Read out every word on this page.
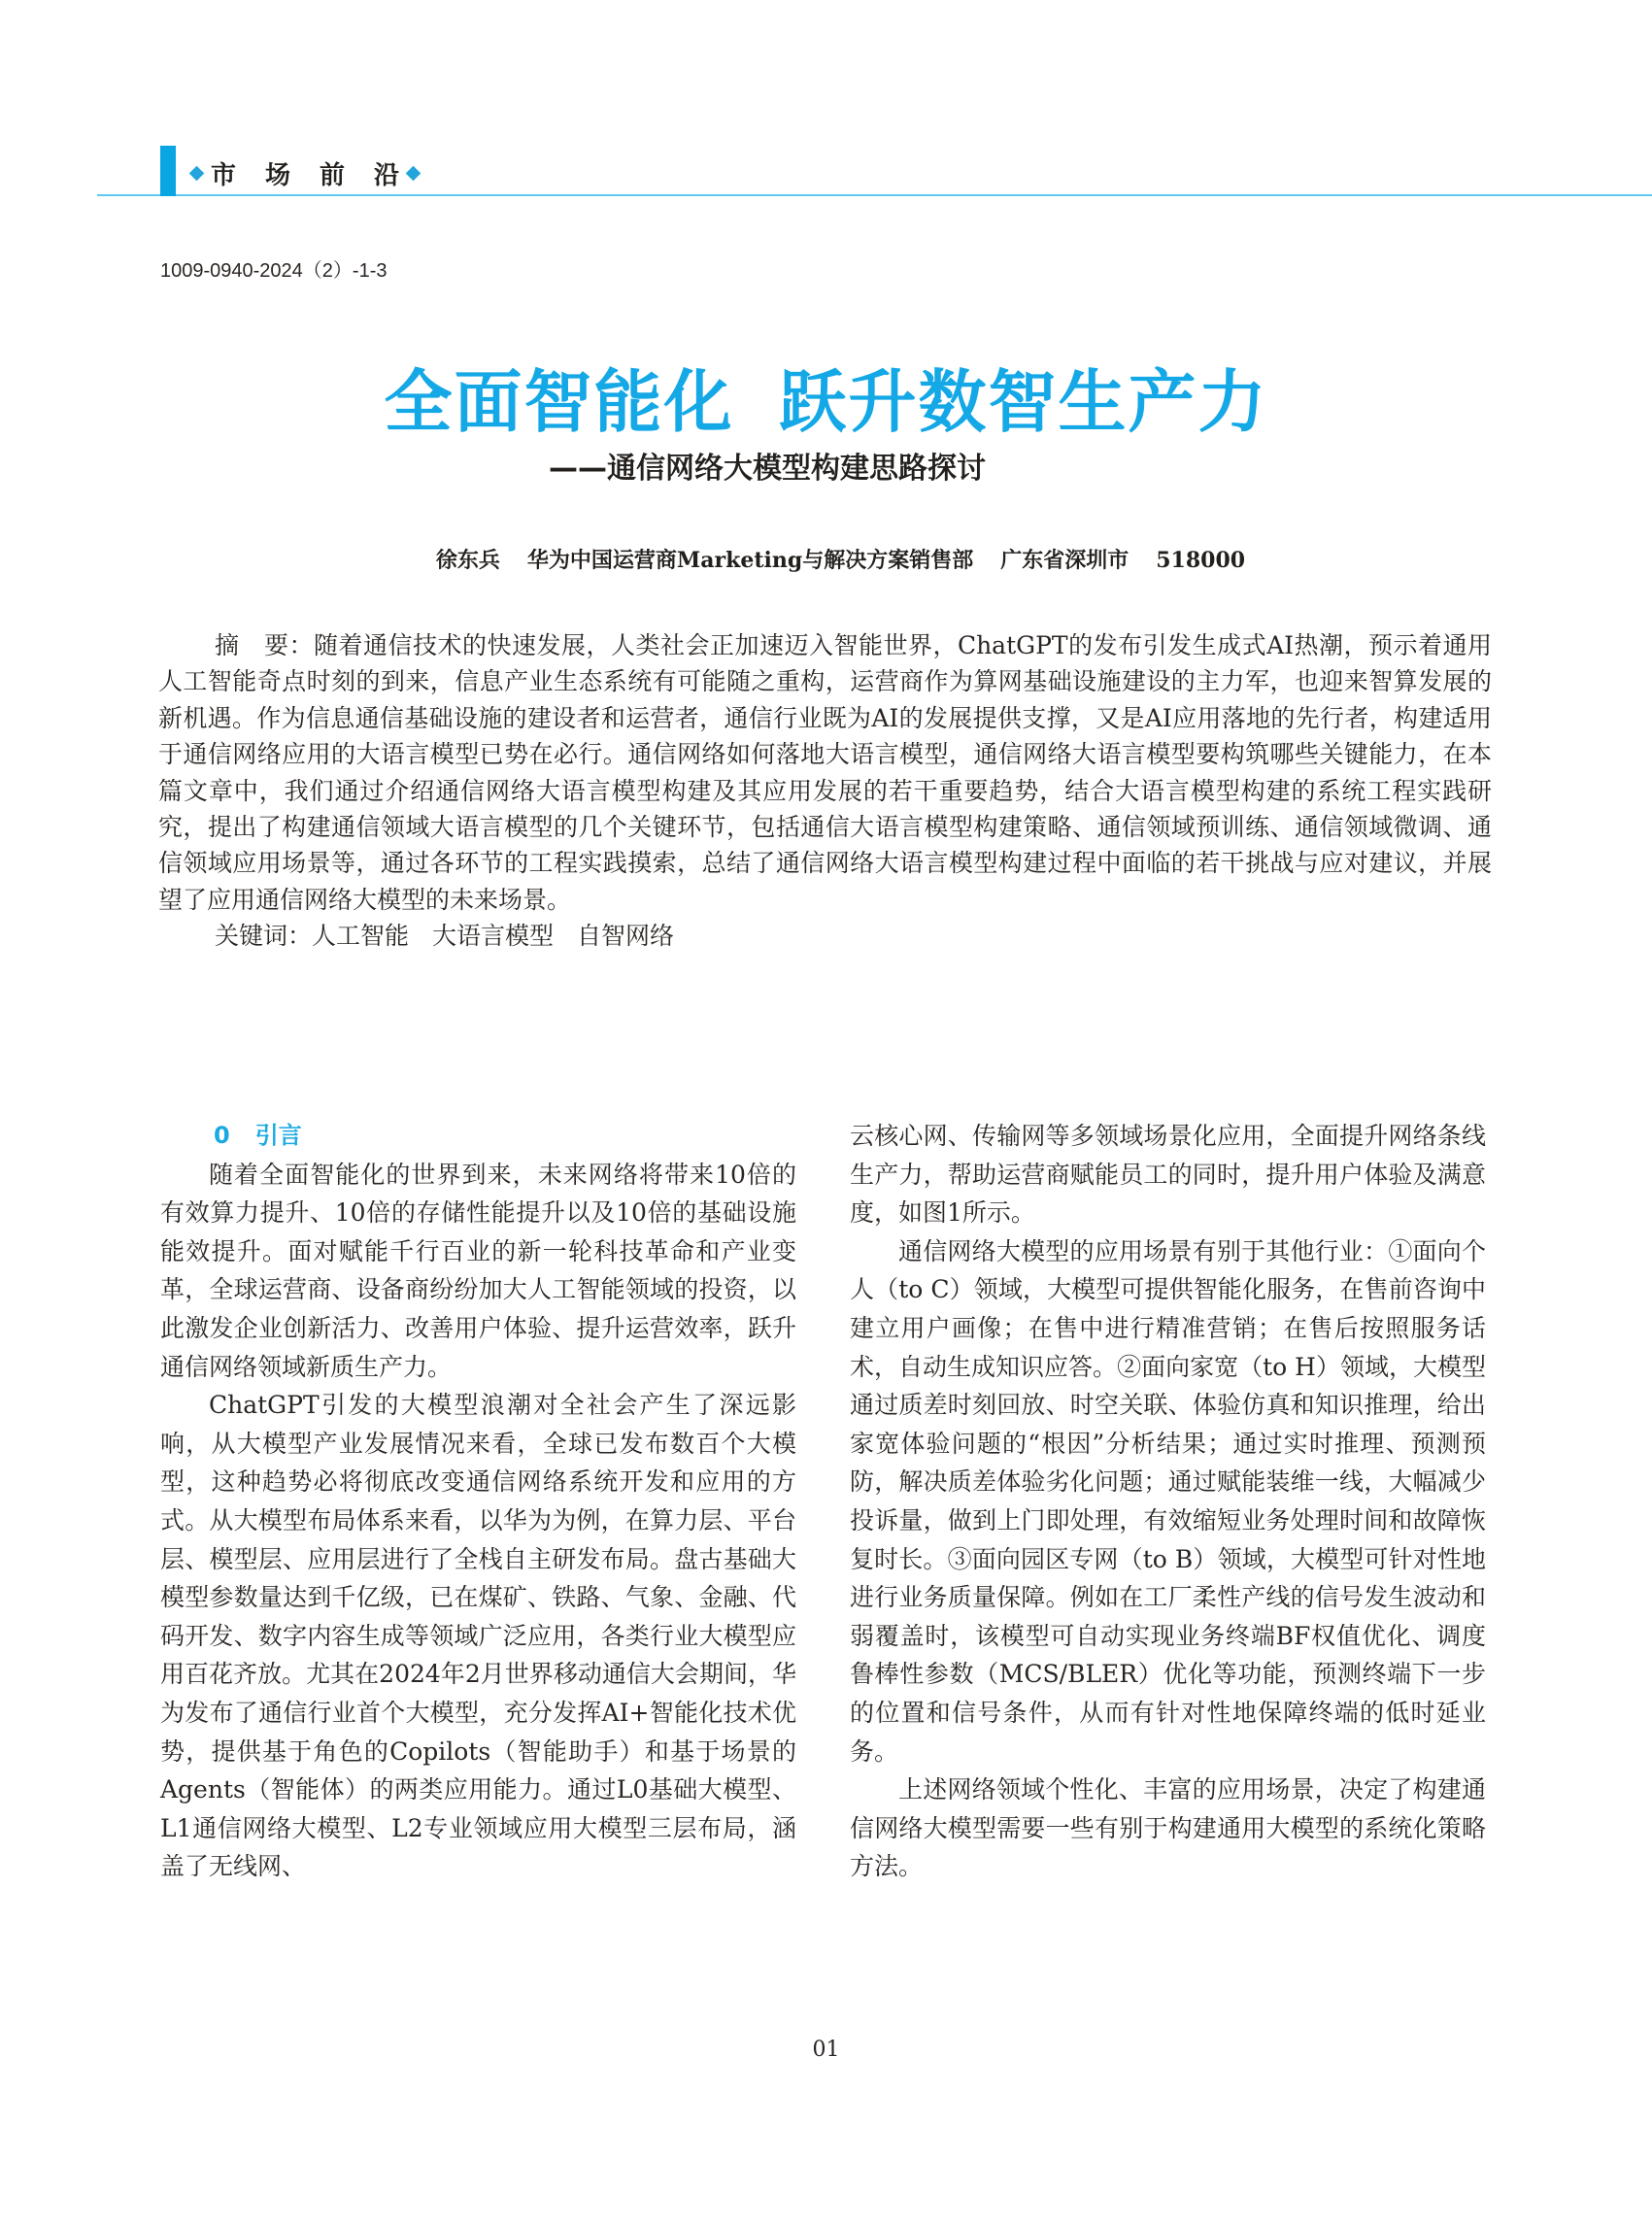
市 场 前 沿
1009-0940-2024（2）-1-3
全面智能化 跃升数智生产力
——通信网络大模型构建思路探讨
徐东兵 华为中国运营商Marketing与解决方案销售部 广东省深圳市 518000

摘　要：随着通信技术的快速发展，人类社会正加速迈入智能世界，ChatGPT的发布引发生成式AI热潮，预示着通用人工智能奇点时刻的到来，信息产业生态系统有可能随之重构，运营商作为算网基础设施建设的主力军，也迎来智算发展的新机遇。作为信息通信基础设施的建设者和运营者，通信行业既为AI的发展提供支撑，又是AI应用落地的先行者，构建适用于通信网络应用的大语言模型已势在必行。通信网络如何落地大语言模型，通信网络大语言模型要构筑哪些关键能力，在本篇文章中，我们通过介绍通信网络大语言模型构建及其应用发展的若干重要趋势，结合大语言模型构建的系统工程实践研究，提出了构建通信领域大语言模型的几个关键环节，包括通信大语言模型构建策略、通信领域预训练、通信领域微调、通信领域应用场景等，通过各环节的工程实践摸索，总结了通信网络大语言模型构建过程中面临的若干挑战与应对建议，并展望了应用通信网络大模型的未来场景。

关键词：人工智能 大语言模型 自智网络

0 引言

随着全面智能化的世界到来，未来网络将带来10倍的有效算力提升、10倍的存储性能提升以及10倍的基础设施能效提升。面对赋能千行百业的新一轮科技革命和产业变革，全球运营商、设备商纷纷加大人工智能领域的投资，以此激发企业创新活力、改善用户体验、提升运营效率，跃升通信网络领域新质生产力。

ChatGPT引发的大模型浪潮对全社会产生了深远影响，从大模型产业发展情况来看，全球已发布数百个大模型，这种趋势必将彻底改变通信网络系统开发和应用的方式。从大模型布局体系来看，以华为为例，在算力层、平台层、模型层、应用层进行了全栈自主研发布局。盘古基础大模型参数量达到千亿级，已在煤矿、铁路、气象、金融、代码开发、数字内容生成等领域广泛应用，各类行业大模型应用百花齐放。尤其在2024年2月世界移动通信大会期间，华为发布了通信行业首个大模型，充分发挥AI+智能化技术优势，提供基于角色的Copilots（智能助手）和基于场景的Agents（智能体）的两类应用能力。通过L0基础大模型、L1通信网络大模型、L2专业领域应用大模型三层布局，涵盖了无线网、

云核心网、传输网等多领域场景化应用，全面提升网络条线生产力，帮助运营商赋能员工的同时，提升用户体验及满意度，如图1所示。

通信网络大模型的应用场景有别于其他行业：①面向个人（to C）领域，大模型可提供智能化服务，在售前咨询中建立用户画像；在售中进行精准营销；在售后按照服务话术，自动生成知识应答。②面向家宽（to H）领域，大模型通过质差时刻回放、时空关联、体验仿真和知识推理，给出家宽体验问题的“根因”分析结果；通过实时推理、预测预防，解决质差体验劣化问题；通过赋能装维一线，大幅减少投诉量，做到上门即处理，有效缩短业务处理时间和故障恢复时长。③面向园区专网（to B）领域，大模型可针对性地进行业务质量保障。例如在工厂柔性产线的信号发生波动和弱覆盖时，该模型可自动实现业务终端BF权值优化、调度鲁棒性参数（MCS/BLER）优化等功能，预测终端下一步的位置和信号条件，从而有针对性地保障终端的低时延业务。

上述网络领域个性化、丰富的应用场景，决定了构建通信网络大模型需要一些有别于构建通用大模型的系统化策略方法。

01
